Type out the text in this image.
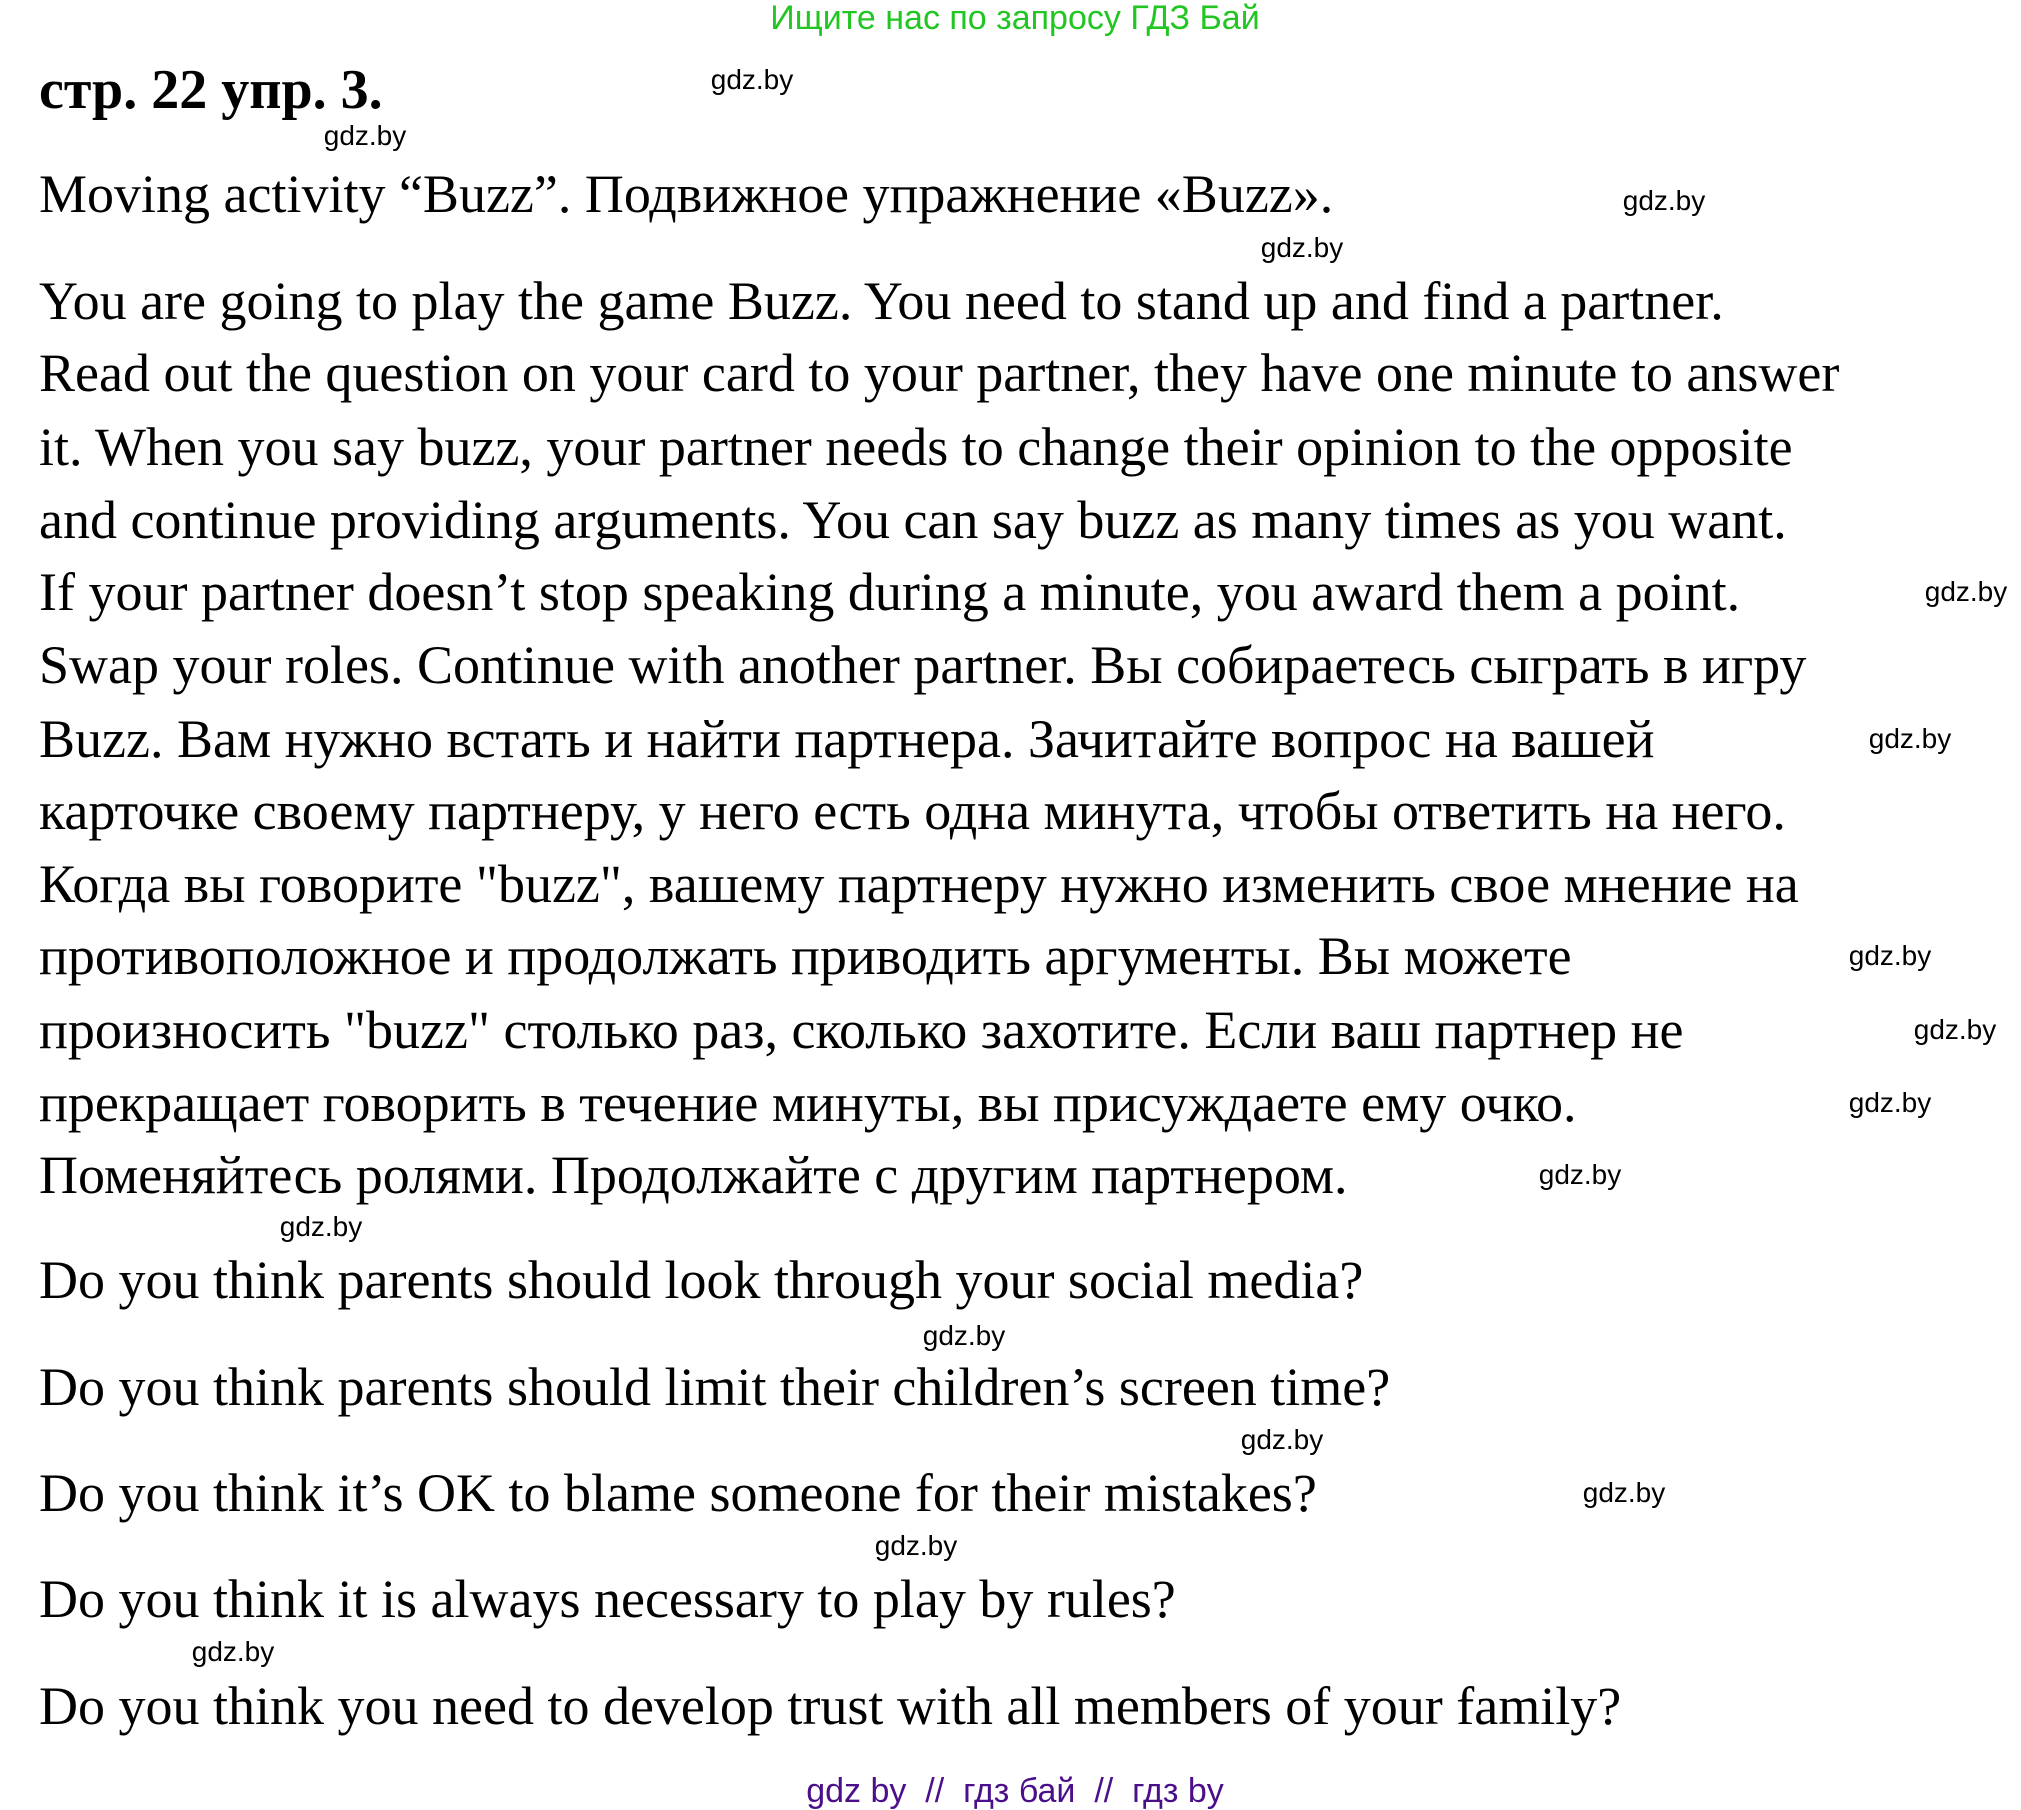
Ищите нас по запросу ГДЗ Бай
стр. 22 упр. 3.
Moving activity “Buzz”. Подвижное упражнение «Buzz».
You are going to play the game Buzz. You need to stand up and find a partner.
Read out the question on your card to your partner, they have one minute to answer
it. When you say buzz, your partner needs to change their opinion to the opposite
and continue providing arguments. You can say buzz as many times as you want.
If your partner doesn’t stop speaking during a minute, you award them a point.
Swap your roles. Continue with another partner. Вы собираетесь сыграть в игру
Buzz. Вам нужно встать и найти партнера. Зачитайте вопрос на вашей
карточке своему партнеру, у него есть одна минута, чтобы ответить на него.
Когда вы говорите "buzz", вашему партнеру нужно изменить свое мнение на
противоположное и продолжать приводить аргументы. Вы можете
произносить "buzz" столько раз, сколько захотите. Если ваш партнер не
прекращает говорить в течение минуты, вы присуждаете ему очко.
Поменяйтесь ролями. Продолжайте с другим партнером.
Do you think parents should look through your social media?
Do you think parents should limit their children’s screen time?
Do you think it’s OK to blame someone for their mistakes?
Do you think it is always necessary to play by rules?
Do you think you need to develop trust with all members of your family?
gdz.by
gdz.by
gdz.by
gdz.by
gdz.by
gdz.by
gdz.by
gdz.by
gdz.by
gdz.by
gdz.by
gdz.by
gdz.by
gdz.by
gdz.by
gdz.by
gdz by  //  гдз бай  //  гдз by
